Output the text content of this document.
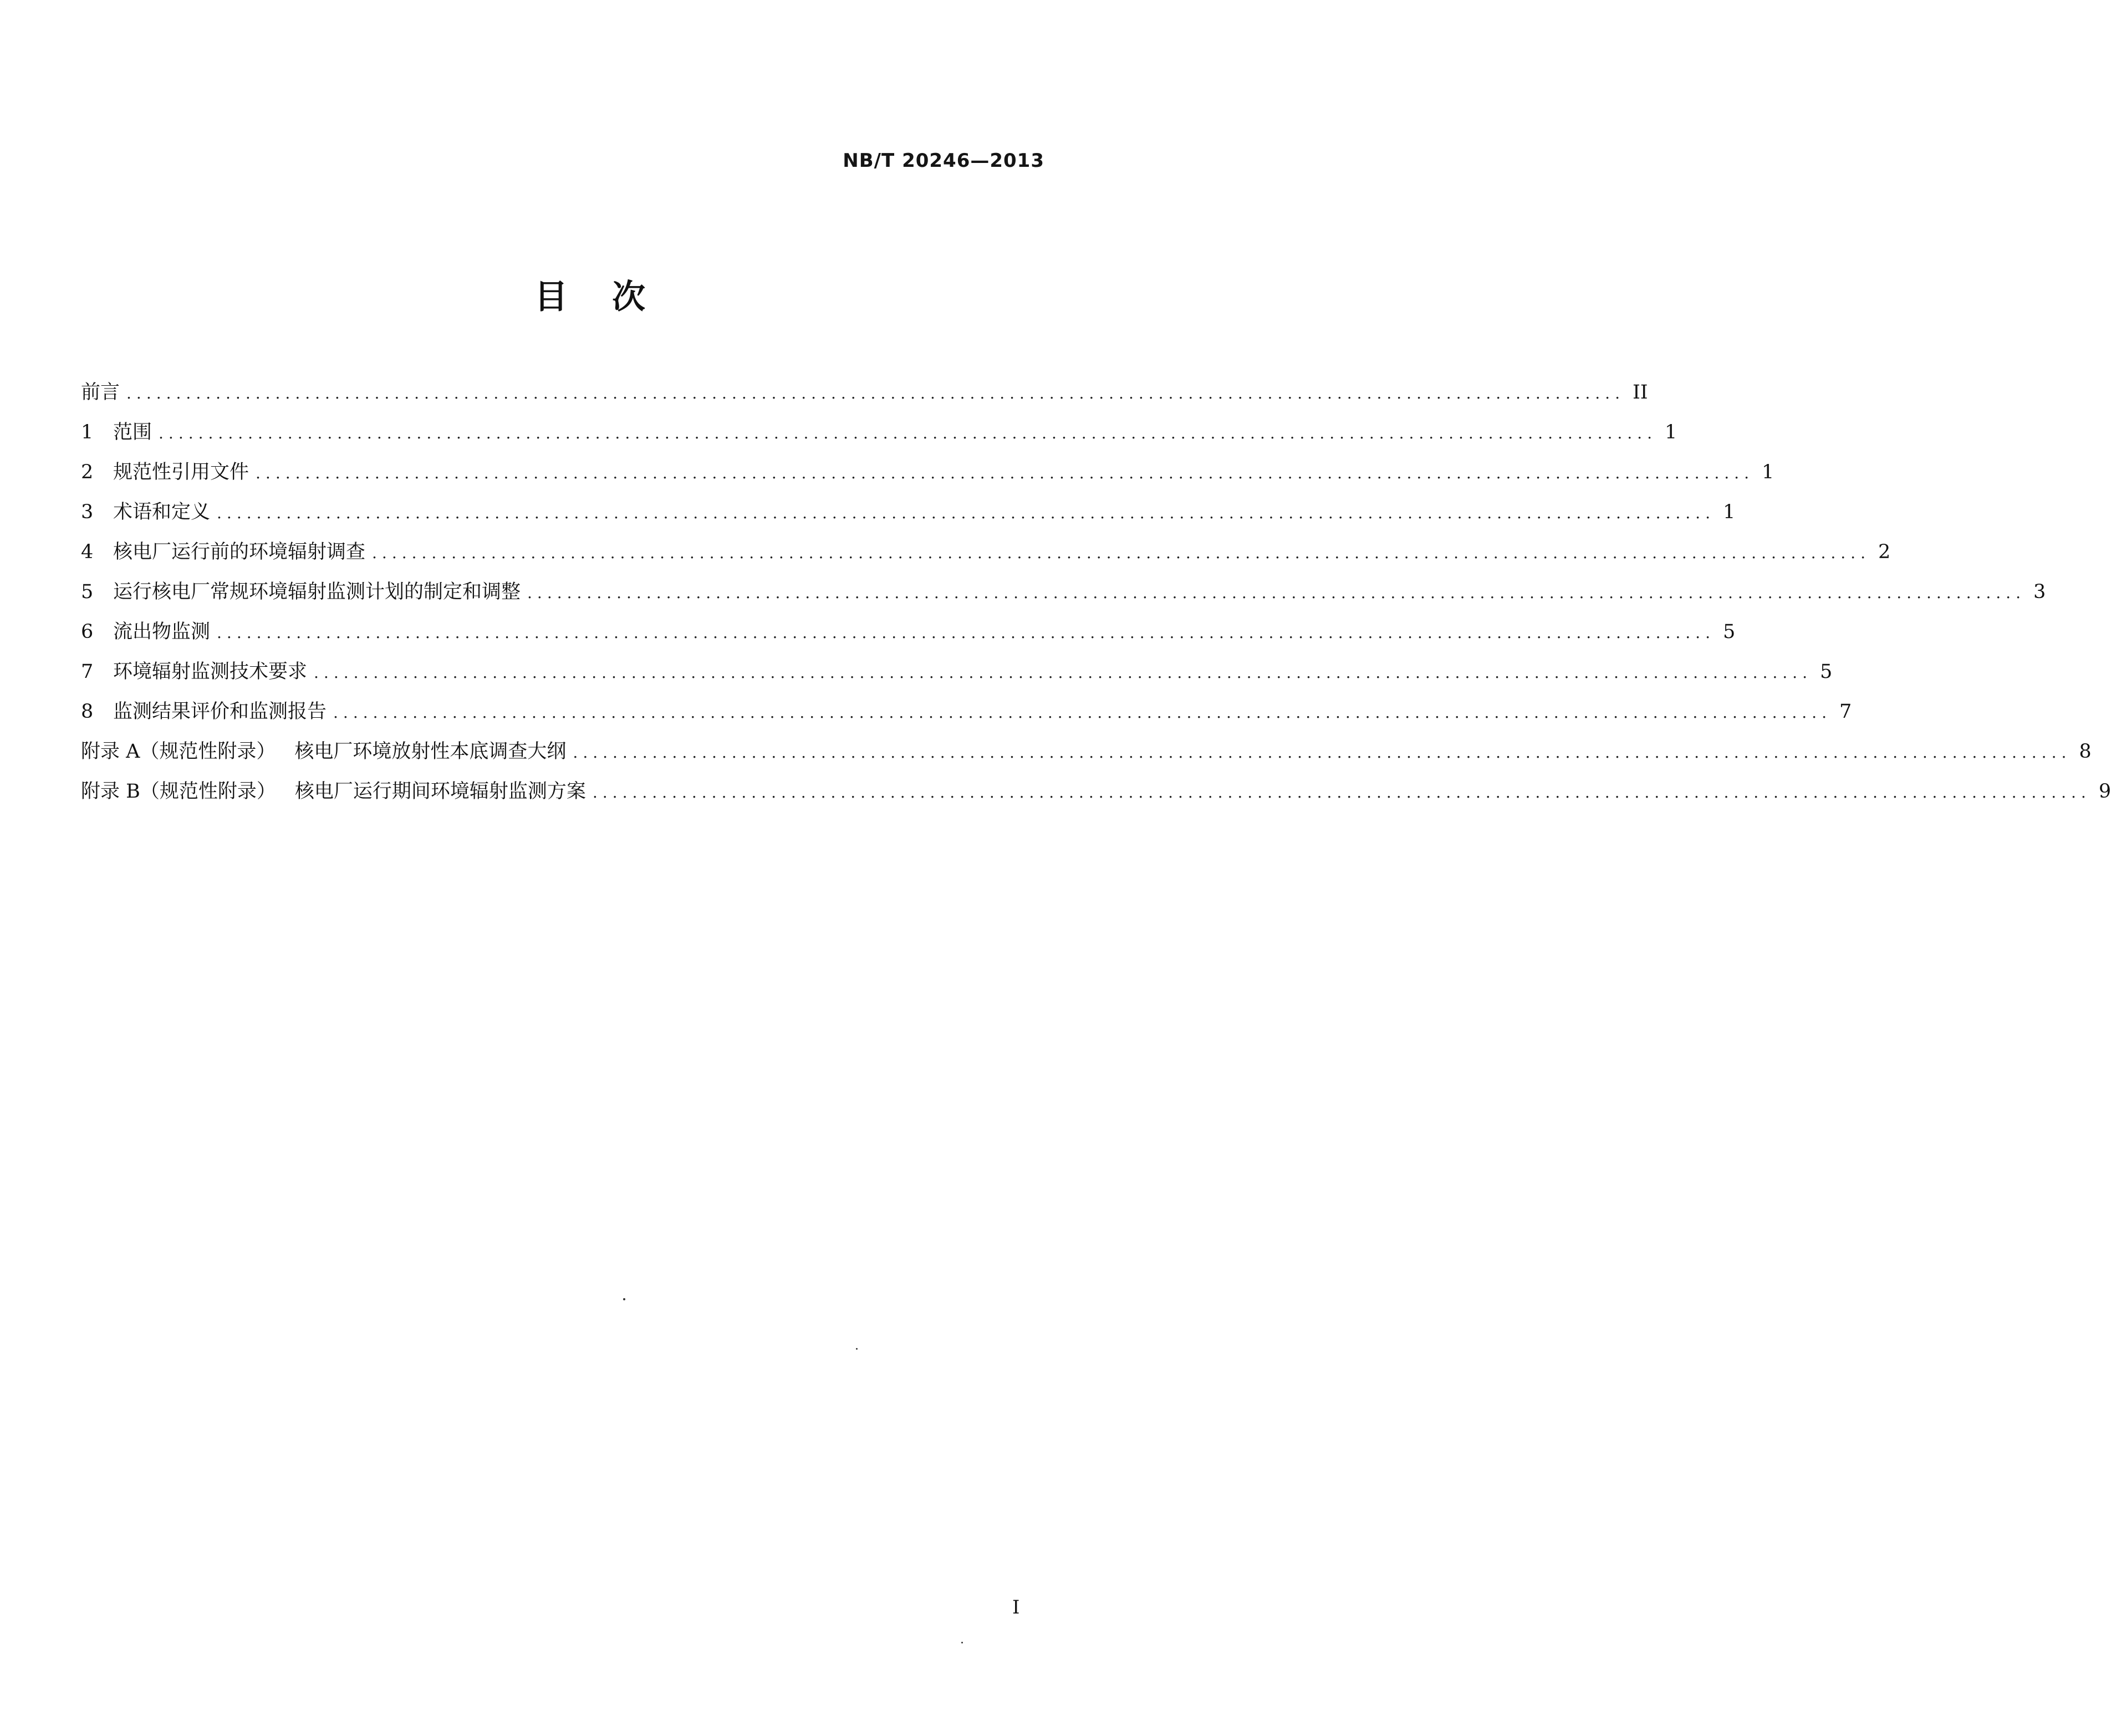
NB/T 20246—2013
目次
前言 ....................................................................................................................................................... II
1	范围 ....................................................................................................................................................... 1
2	规范性引用文件 ....................................................................................................................................................... 1
3	术语和定义 ....................................................................................................................................................... 1
4	核电厂运行前的环境辐射调查 ....................................................................................................................................................... 2
5	运行核电厂常规环境辐射监测计划的制定和调整 ....................................................................................................................................................... 3
6	流出物监测 ....................................................................................................................................................... 5
7	环境辐射监测技术要求 ....................................................................................................................................................... 5
8	监测结果评价和监测报告 ....................................................................................................................................................... 7
附录 A（规范性附录） 核电厂环境放射性本底调查大纲 ....................................................................................................................................................... 8
附录 B（规范性附录） 核电厂运行期间环境辐射监测方案 ....................................................................................................................................................... 9
I
